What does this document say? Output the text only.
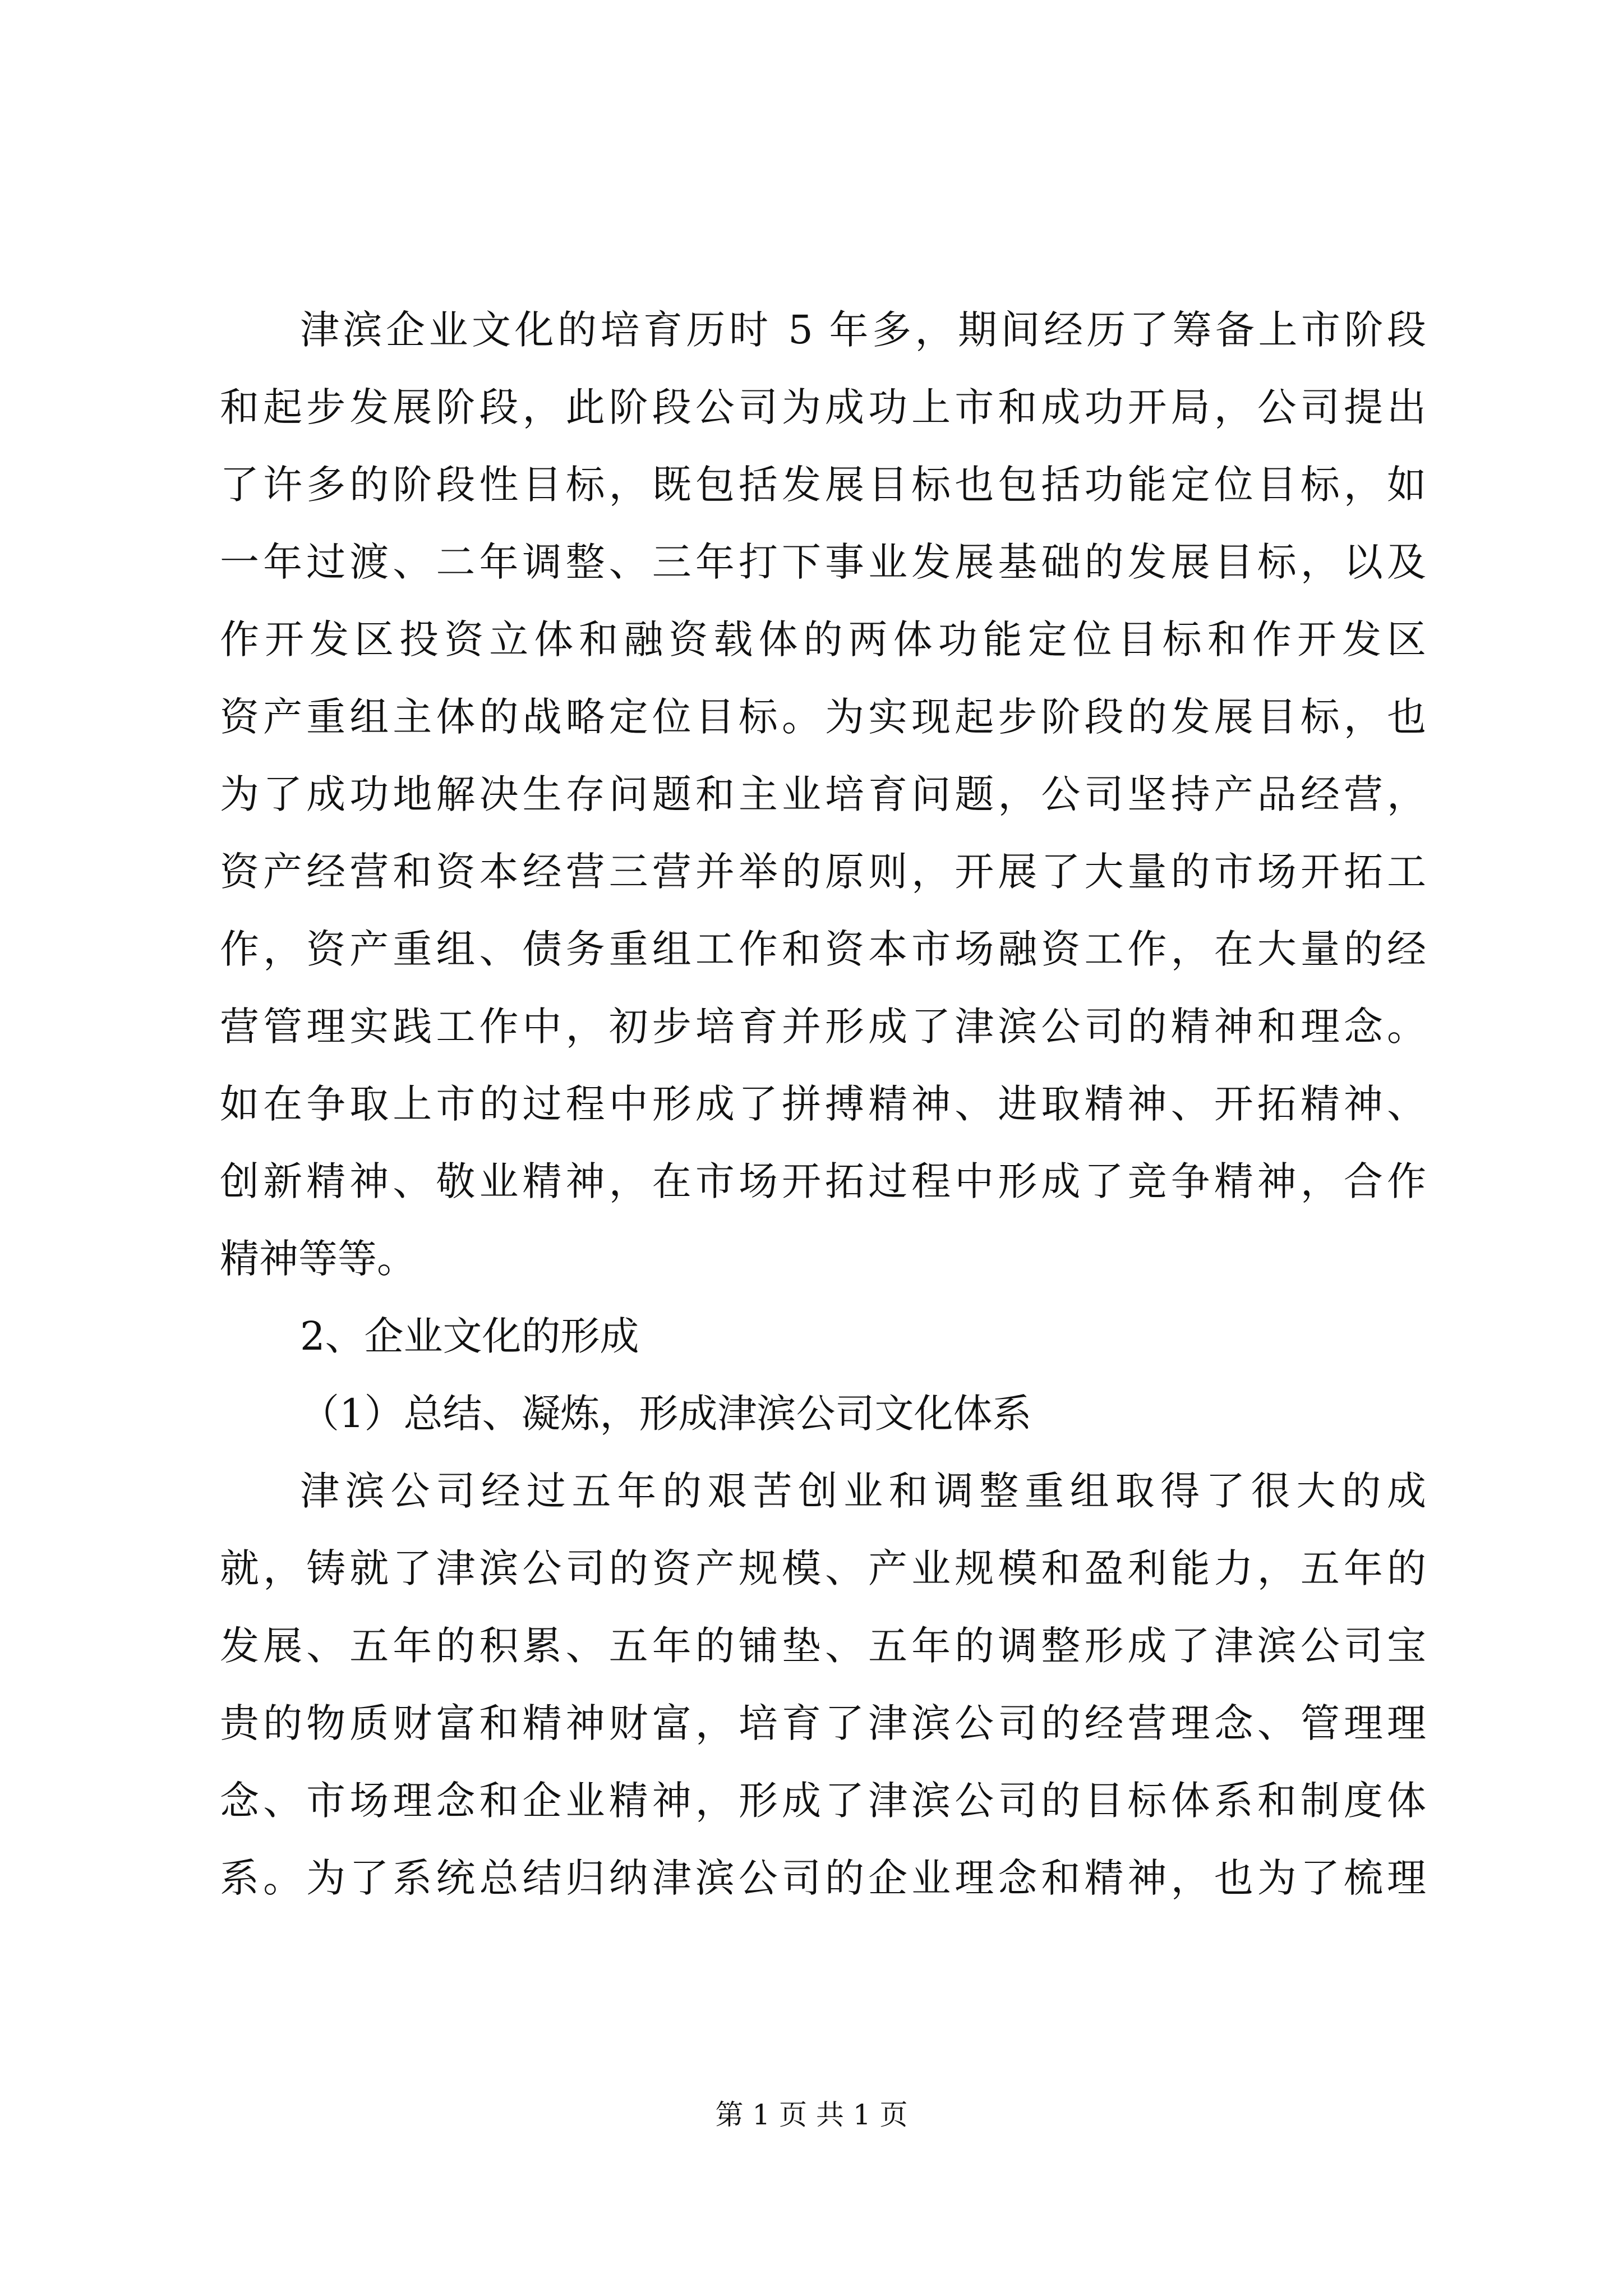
津滨企业文化的培育历时 5 年多，期间经历了筹备上市阶段
和起步发展阶段，此阶段公司为成功上市和成功开局，公司提出
了许多的阶段性目标，既包括发展目标也包括功能定位目标，如
一年过渡、二年调整、三年打下事业发展基础的发展目标，以及
作开发区投资立体和融资载体的两体功能定位目标和作开发区
资产重组主体的战略定位目标。为实现起步阶段的发展目标，也
为了成功地解决生存问题和主业培育问题，公司坚持产品经营，
资产经营和资本经营三营并举的原则，开展了大量的市场开拓工
作，资产重组、债务重组工作和资本市场融资工作，在大量的经
营管理实践工作中，初步培育并形成了津滨公司的精神和理念。
如在争取上市的过程中形成了拼搏精神、进取精神、开拓精神、
创新精神、敬业精神，在市场开拓过程中形成了竞争精神，合作
精神等等。
2、企业文化的形成
（1）总结、凝炼，形成津滨公司文化体系
津滨公司经过五年的艰苦创业和调整重组取得了很大的成
就，铸就了津滨公司的资产规模、产业规模和盈利能力，五年的
发展、五年的积累、五年的铺垫、五年的调整形成了津滨公司宝
贵的物质财富和精神财富，培育了津滨公司的经营理念、管理理
念、市场理念和企业精神，形成了津滨公司的目标体系和制度体
系。为了系统总结归纳津滨公司的企业理念和精神，也为了梳理
第 1 页 共 1 页
